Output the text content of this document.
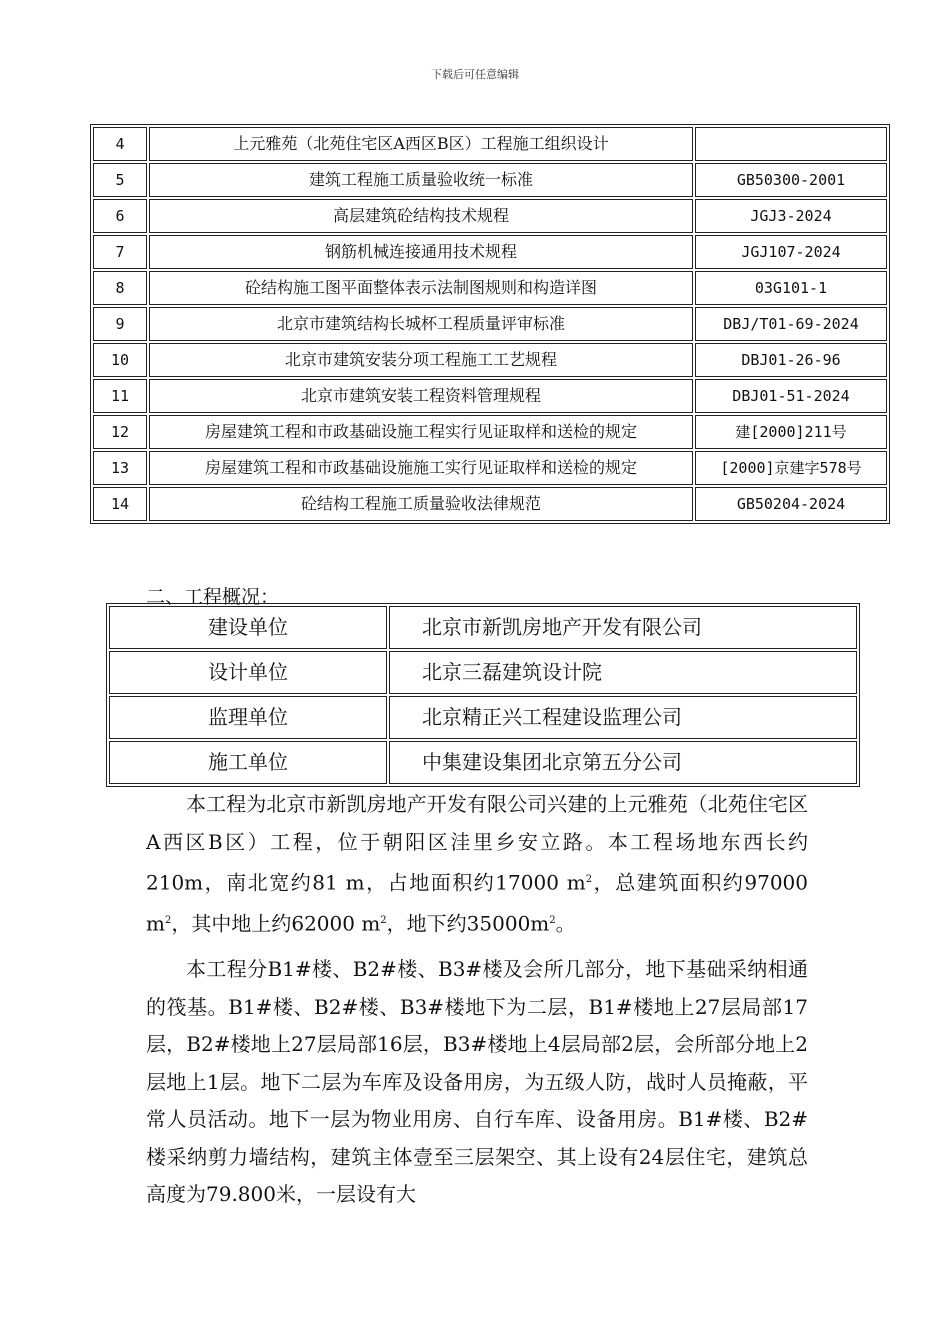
下载后可任意编辑
4	上元雅苑（北苑住宅区A西区B区）工程施工组织设计	
5	建筑工程施工质量验收统一标准	GB50300-2001
6	高层建筑砼结构技术规程	JGJ3-2024
7	钢筋机械连接通用技术规程	JGJ107-2024
8	砼结构施工图平面整体表示法制图规则和构造详图	03G101-1
9	北京市建筑结构长城杯工程质量评审标准	DBJ/T01-69-2024
10	北京市建筑安装分项工程施工工艺规程	DBJ01-26-96
11	北京市建筑安装工程资料管理规程	DBJ01-51-2024
12	房屋建筑工程和市政基础设施工程实行见证取样和送检的规定	建[2000]211号
13	房屋建筑工程和市政基础设施施工实行见证取样和送检的规定	[2000]京建字578号
14	砼结构工程施工质量验收法律规范	GB50204-2024
二、工程概况：
建设单位	北京市新凯房地产开发有限公司
设计单位	北京三磊建筑设计院
监理单位	北京精正兴工程建设监理公司
施工单位	中集建设集团北京第五分公司

本工程为北京市新凯房地产开发有限公司兴建的上元雅苑（北苑住宅区A西区B区）工程，位于朝阳区洼里乡安立路。本工程场地东西长约210m，南北宽约81 m，占地面积约17000 $m^2$，总建筑面积约97000 $m^2$，其中地上约62000 $m^2$，地下约$35000m^2$。

本工程分B1#楼、B2#楼、B3#楼及会所几部分，地下基础采纳相通的筏基。B1#楼、B2#楼、B3#楼地下为二层，B1#楼地上27层局部17层，B2#楼地上27层局部16层，B3#楼地上4层局部2层，会所部分地上2层地上1层。地下二层为车库及设备用房，为五级人防，战时人员掩蔽，平常人员活动。地下一层为物业用房、自行车库、设备用房。B1#楼、B2#楼采纳剪力墙结构，建筑主体壹至三层架空、其上设有24层住宅，建筑总高度为79.800米，一层设有大
